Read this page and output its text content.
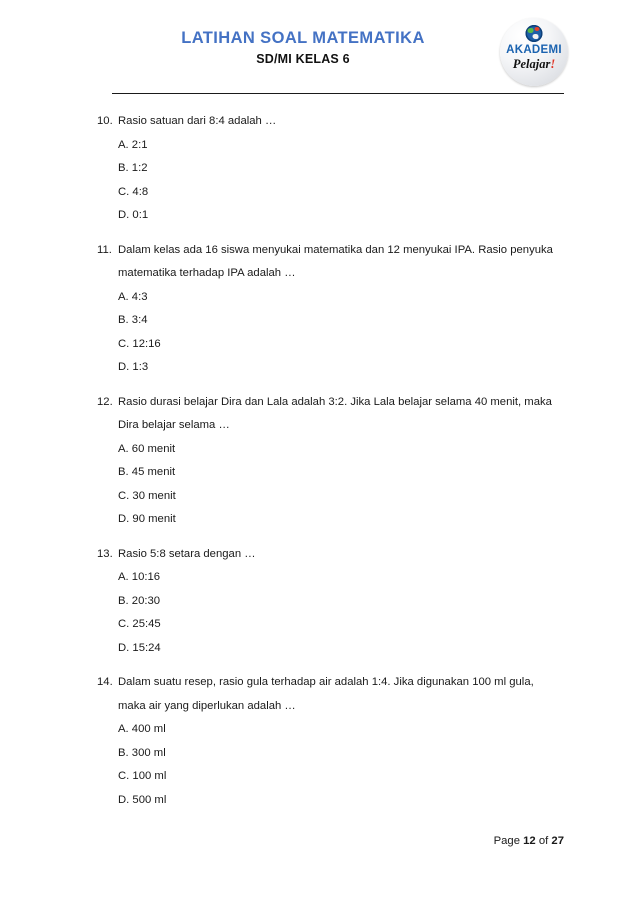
LATIHAN SOAL MATEMATIKA
SD/MI KELAS 6
AKADEMI
Pelajar!
10. Rasio satuan dari 8:4 adalah …
A. 2:1
B. 1:2
C. 4:8
D. 0:1
11. Dalam kelas ada 16 siswa menyukai matematika dan 12 menyukai IPA. Rasio penyuka matematika terhadap IPA adalah …
A. 4:3
B. 3:4
C. 12:16
D. 1:3
12. Rasio durasi belajar Dira dan Lala adalah 3:2. Jika Lala belajar selama 40 menit, maka Dira belajar selama …
A. 60 menit
B. 45 menit
C. 30 menit
D. 90 menit
13. Rasio 5:8 setara dengan …
A. 10:16
B. 20:30
C. 25:45
D. 15:24
14. Dalam suatu resep, rasio gula terhadap air adalah 1:4. Jika digunakan 100 ml gula, maka air yang diperlukan adalah …
A. 400 ml
B. 300 ml
C. 100 ml
D. 500 ml
Page 12 of 27
